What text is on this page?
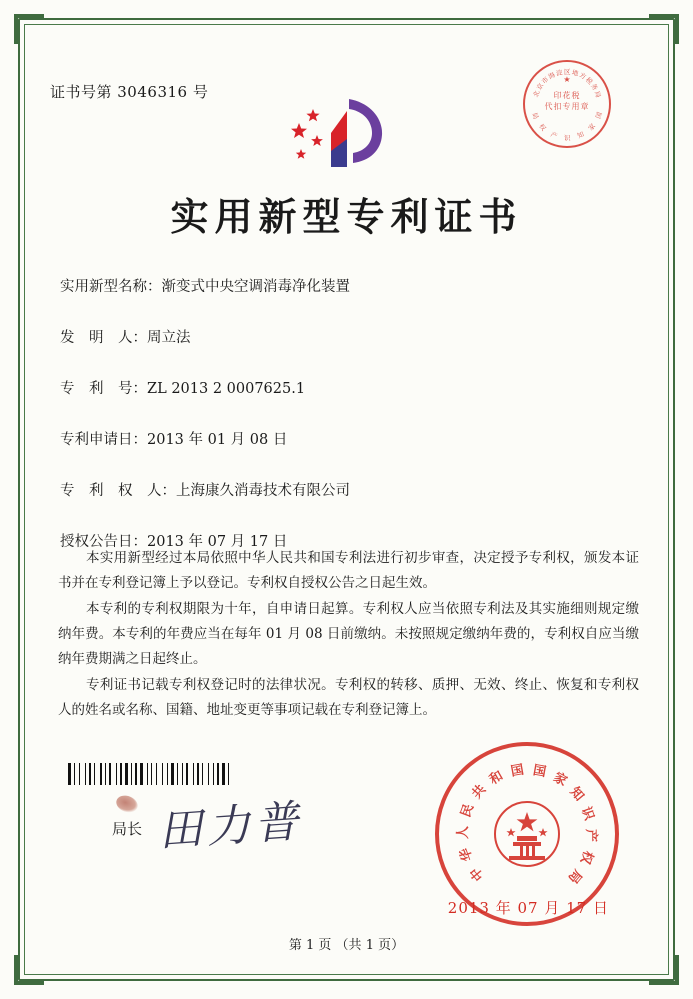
证书号第 3046316 号	北
京
市
海
淀 区 地
方
税
务
局
国
家
知
识
产
权
局
★
印花税
代扣专用章
实用新型专利证书
实用新型名称：渐变式中央空调消毒净化装置
发　明　人：周立法
专　利　号：ZL 2013 2 0007625.1
专利申请日：2013 年 01 月 08 日
专　利　权　人：上海康久消毒技术有限公司
授权公告日：2013 年 07 月 17 日

本实用新型经过本局依照中华人民共和国专利法进行初步审查，决定授予专利权，颁发本证书并在专利登记簿上予以登记。专利权自授权公告之日起生效。

本专利的专利权期限为十年，自申请日起算。专利权人应当依照专利法及其实施细则规定缴纳年费。本专利的年费应当在每年 01 月 08 日前缴纳。未按照规定缴纳年费的，专利权自应当缴纳年费期满之日起终止。

专利证书记载专利权登记时的法律状况。专利权的转移、质押、无效、终止、恢复和专利权人的姓名或名称、国籍、地址变更等事项记载在专利登记簿上。

局长 田力普
中
华
人
民
共
和 国 国 家
知
识
产
权
局
2013 年 07 月 17 日
第 1 页 （共 1 页）
